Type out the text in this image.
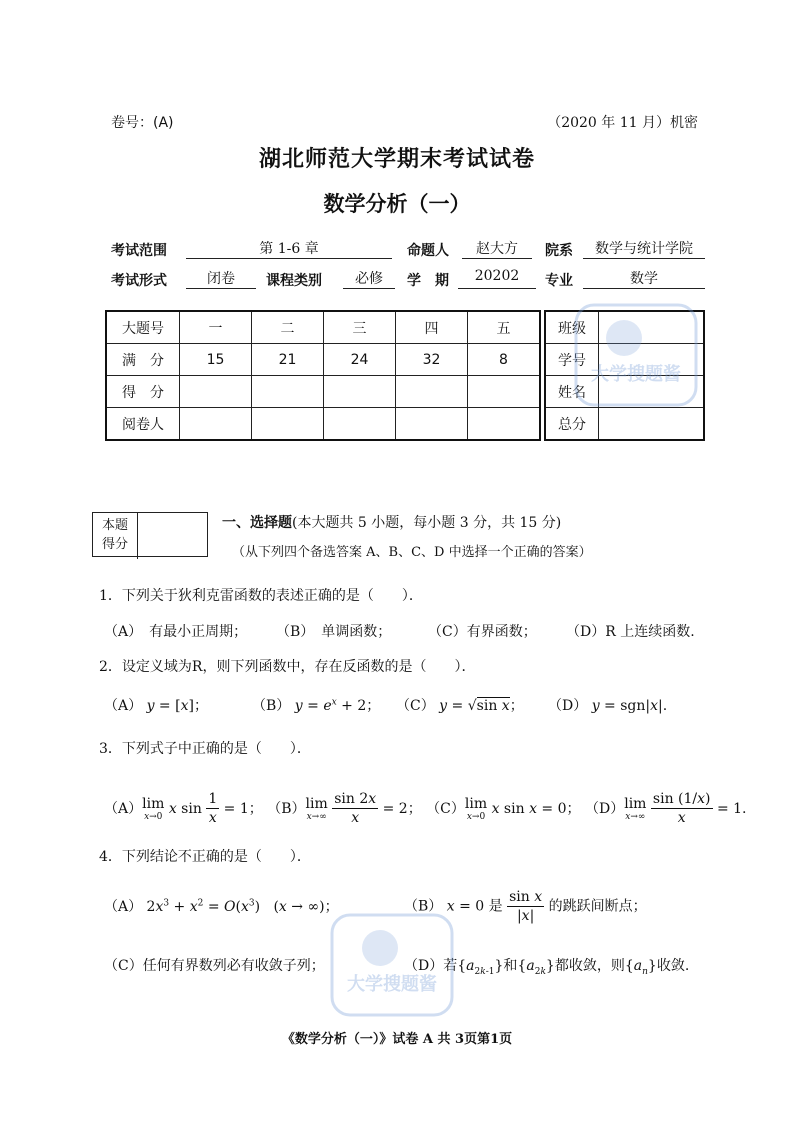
卷号：(A)	（2020 年 11 月）机密
湖北师范大学期末考试试卷
数学分析（一）
考试范围	第 1-6 章	命题人	赵大方	院系	数学与统计学院
考试形式	闭卷	课程类别	必修	学　期	20202	专业	数学
大题号	一	二	三	四	五
满　分	15	21	24	32	8
得　分					
阅卷人					
班级	
学号	
姓名	
总分	
本题
得分
一、选择题(本大题共 5 小题，每小题 3 分，共 15 分)
（从下列四个备选答案 A、B、C、D 中选择一个正确的答案）
1．下列关于狄利克雷函数的表述正确的是（　　）．
（A）　有最小正周期； （B）　单调函数；	（C）有界函数； （D）R 上连续函数.
2．设定义域为R，则下列函数中，存在反函数的是（　　）．
（A） y = [x]；	（B） $y = e^x + 2$； （C） y = √sin x； （D） y = sgn|x|.
3．下列式子中正确的是（　　）．
（A） lim
x→0 x $\sin \frac{1}{x} = 1$； （B） lim
x→∞
$\frac{\sin 2x}{x} = 2$； （C） lim
x→0 x sin x = 0； （D） lim
x→∞
$\frac{\sin (1/x)}{x} = 1$.
4．下列结论不正确的是（　　）．
（A） $2x^3 + x^2 = O(x^3) (x$ → ∞)；	（B） x = 0 是 $\frac{\text{sin x}}{|x|}$ 的跳跃间断点；
（C）任何有界数列必有收敛子列；	（D）若$\{a_{2k-1}\}$和$\{a_{2k}\}$都收敛，则$\{a_n\}$收敛.
《数学分析（一）》试卷 A 共 3页第1页
大学搜题酱
大学搜题酱
